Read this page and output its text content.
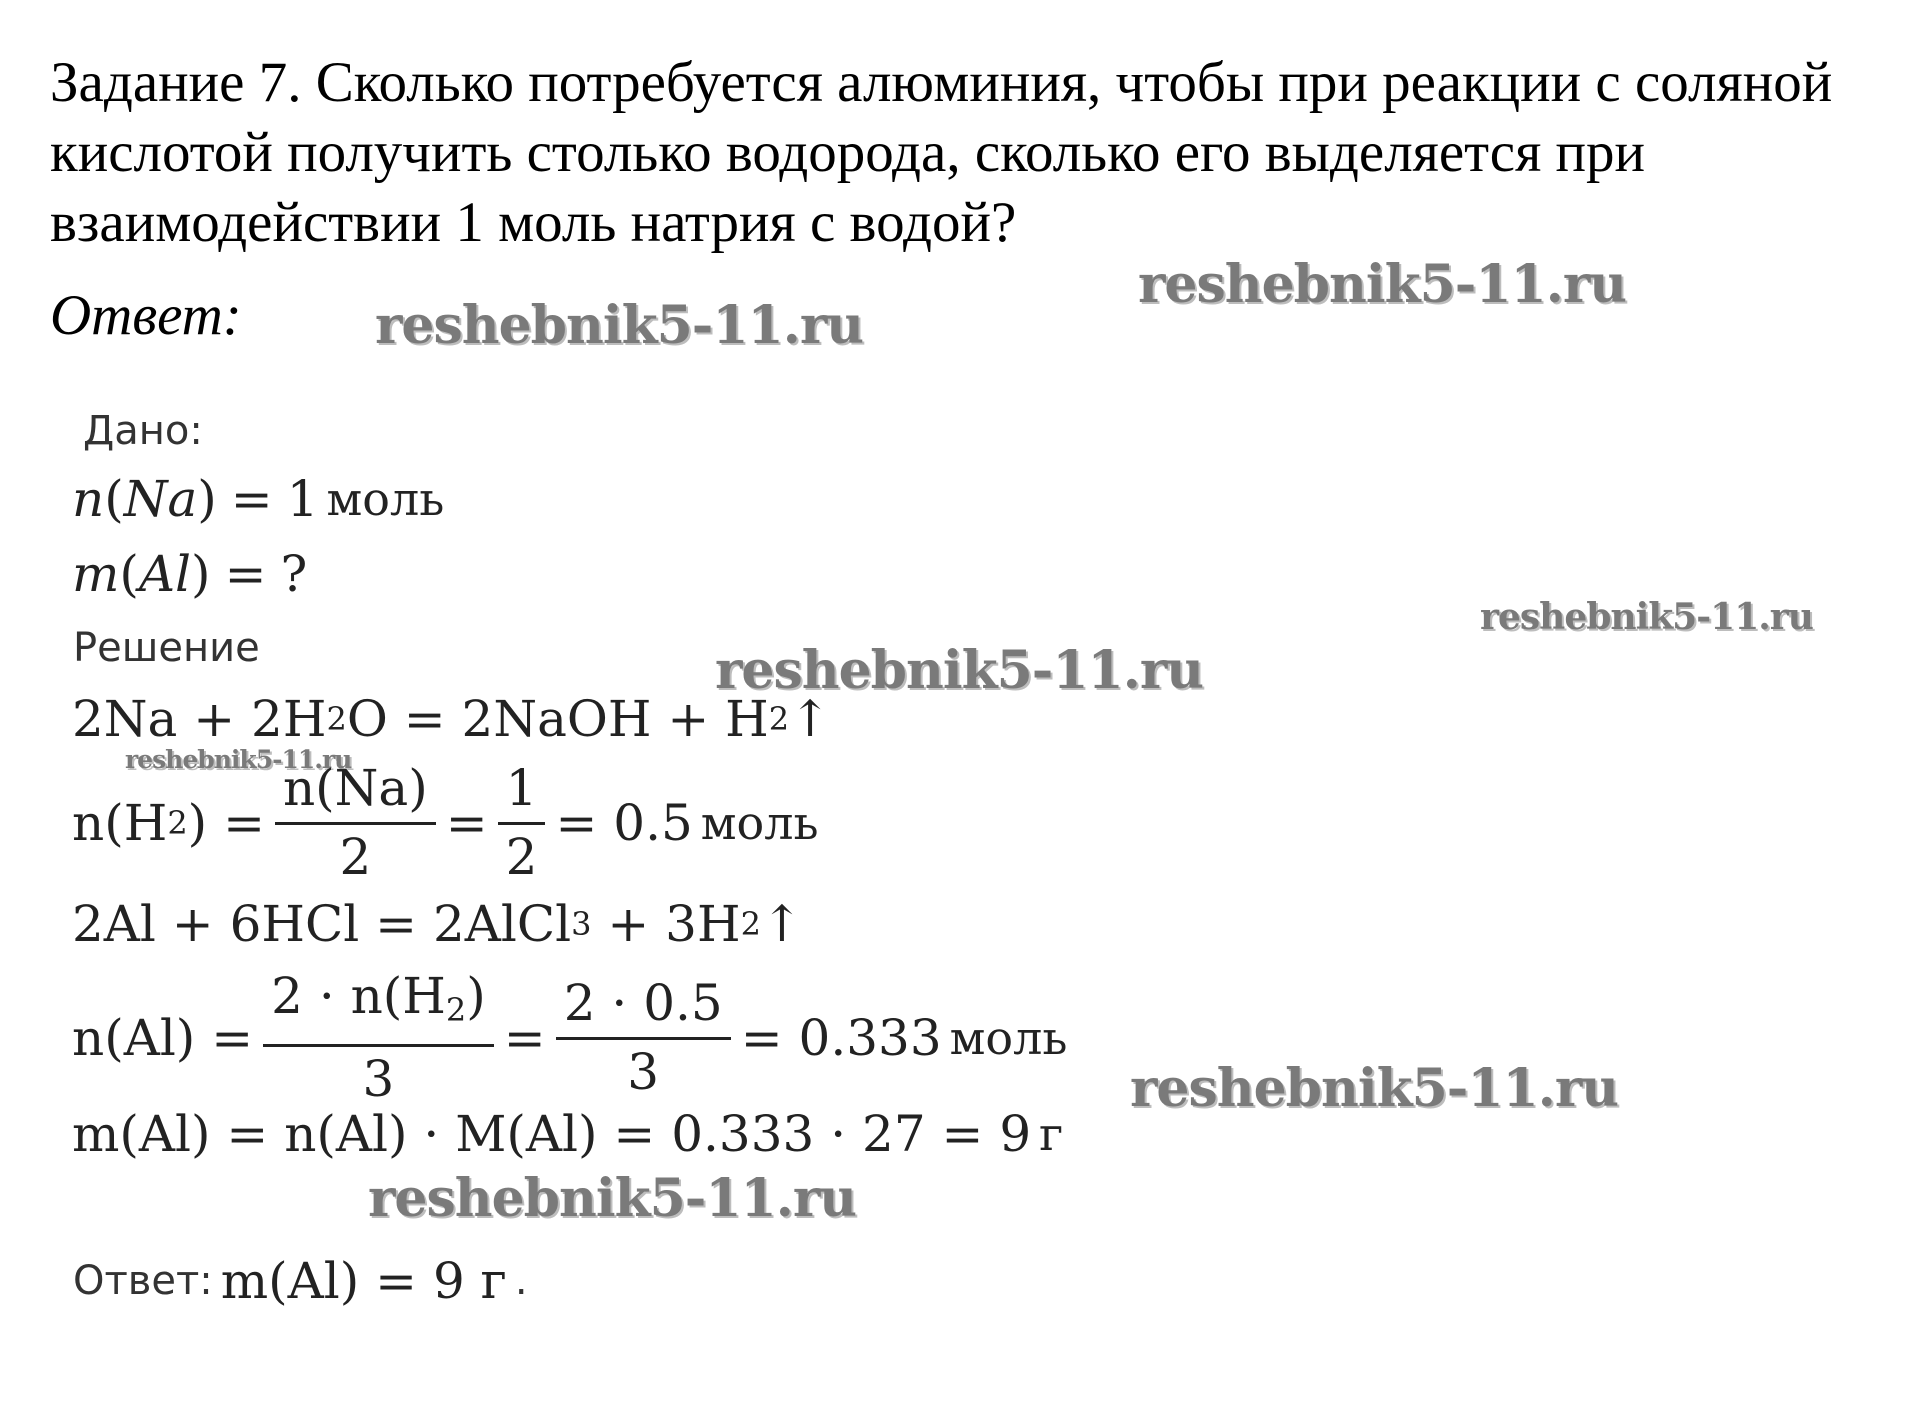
Задание 7. Сколько потребуется алюминия, чтобы при реакции с соляной кислотой получить столько водорода, сколько его выделяется при взаимодействии 1 моль натрия с водой?

Ответ:	reshebnik5-11.ru
reshebnik5-11.ru
reshebnik5-11.ru
reshebnik5-11.ru
reshebnik5-11.ru
reshebnik5-11.ru
reshebnik5-11.ru
Дано:
n ( Na ) = 1 моль
m ( Al ) = ?
Решение
2Na + 2H 2 O = 2NaOH + H 2 ↑
n(H 2 ) = $\frac{n(Na)}{2} = \frac{1}{2} = 0.5$ моль
2Al + 6HCl = 2AlCl 3 + 3H 2 ↑
$n(Al) = \frac{2 \cdot n(H_2)}{3} = \frac{2 \cdot 0.5}{3} = 0.333$ моль
m(Al) = n(Al) · M(Al) = 0.333 · 27 = 9 г
Ответ: m(Al) = 9 г .
